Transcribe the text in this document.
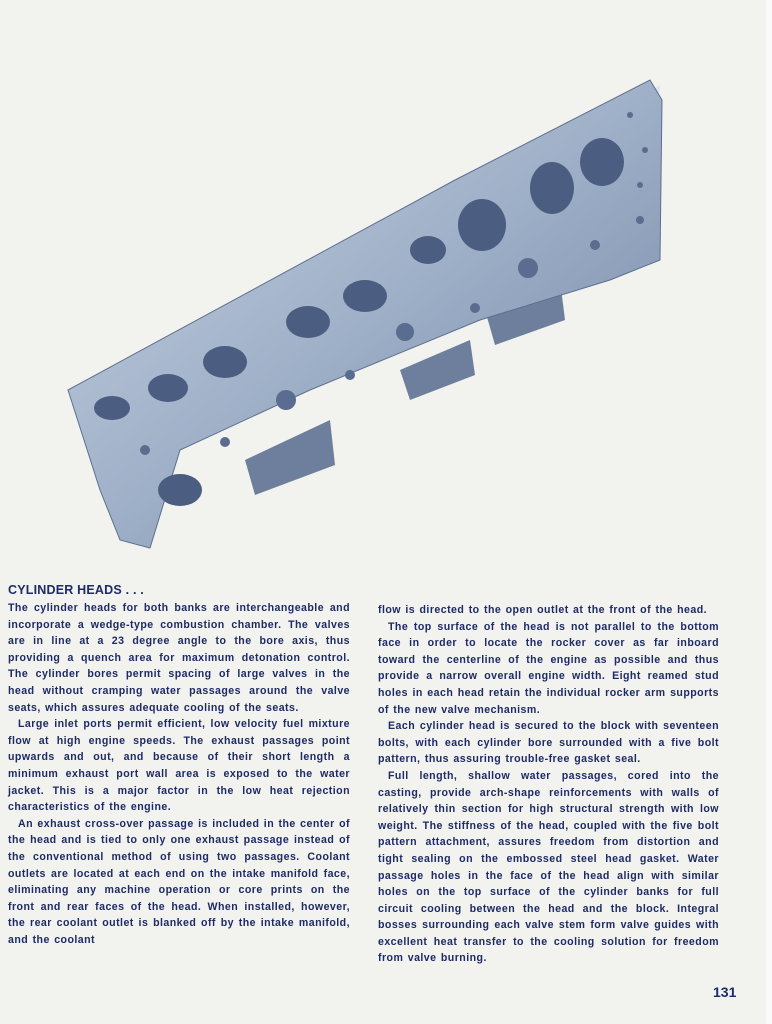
CYLINDER HEADS . . .

The cylinder heads for both banks are interchangeable and incorporate a wedge-type combustion chamber. The valves are in line at a 23 degree angle to the bore axis, thus providing a quench area for maximum detonation control. The cylinder bores permit spacing of large valves in the head without cramping water passages around the valve seats, which assures adequate cooling of the seats.

Large inlet ports permit efficient, low velocity fuel mixture flow at high engine speeds. The exhaust passages point upwards and out, and because of their short length a minimum exhaust port wall area is exposed to the water jacket. This is a major factor in the low heat rejection characteristics of the engine.

An exhaust cross-over passage is included in the center of the head and is tied to only one exhaust passage instead of the conventional method of using two passages. Coolant outlets are located at each end on the intake manifold face, eliminating any machine operation or core prints on the front and rear faces of the head. When installed, however, the rear coolant outlet is blanked off by the intake manifold, and the coolant

flow is directed to the open outlet at the front of the head.

The top surface of the head is not parallel to the bottom face in order to locate the rocker cover as far inboard toward the centerline of the engine as possible and thus provide a narrow overall engine width. Eight reamed stud holes in each head retain the individual rocker arm supports of the new valve mechanism.

Each cylinder head is secured to the block with seventeen bolts, with each cylinder bore surrounded with a five bolt pattern, thus assuring trouble-free gasket seal.

Full length, shallow water passages, cored into the casting, provide arch-shape reinforcements with walls of relatively thin section for high structural strength with low weight. The stiffness of the head, coupled with the five bolt pattern attachment, assures freedom from distortion and tight sealing on the embossed steel head gasket. Water passage holes in the face of the head align with similar holes on the top surface of the cylinder banks for full circuit cooling between the head and the block. Integral bosses surrounding each valve stem form valve guides with excellent heat transfer to the cooling solution for freedom from valve burning.

131
